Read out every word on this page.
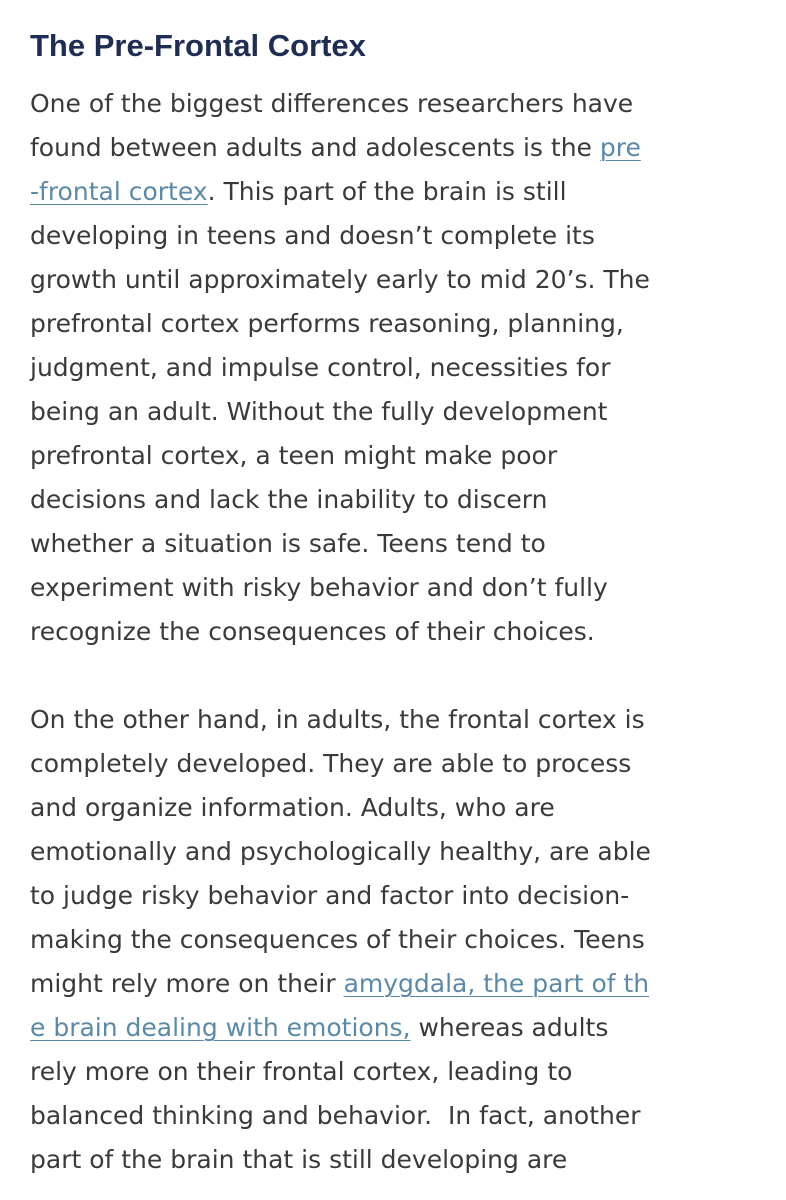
The Pre-Frontal Cortex

One of the biggest differences researchers have
found between adults and adolescents is the pre
-frontal cortex. This part of the brain is still
developing in teens and doesn’t complete its
growth until approximately early to mid 20’s. The
prefrontal cortex performs reasoning, planning,
judgment, and impulse control, necessities for
being an adult. Without the fully development
prefrontal cortex, a teen might make poor
decisions and lack the inability to discern
whether a situation is safe. Teens tend to
experiment with risky behavior and don’t fully
recognize the consequences of their choices.

On the other hand, in adults, the frontal cortex is
completely developed. They are able to process
and organize information. Adults, who are
emotionally and psychologically healthy, are able
to judge risky behavior and factor into decision-
making the consequences of their choices. Teens
might rely more on their amygdala, the part of th
e brain dealing with emotions, whereas adults
rely more on their frontal cortex, leading to
balanced thinking and behavior.  In fact, another
part of the brain that is still developing are
